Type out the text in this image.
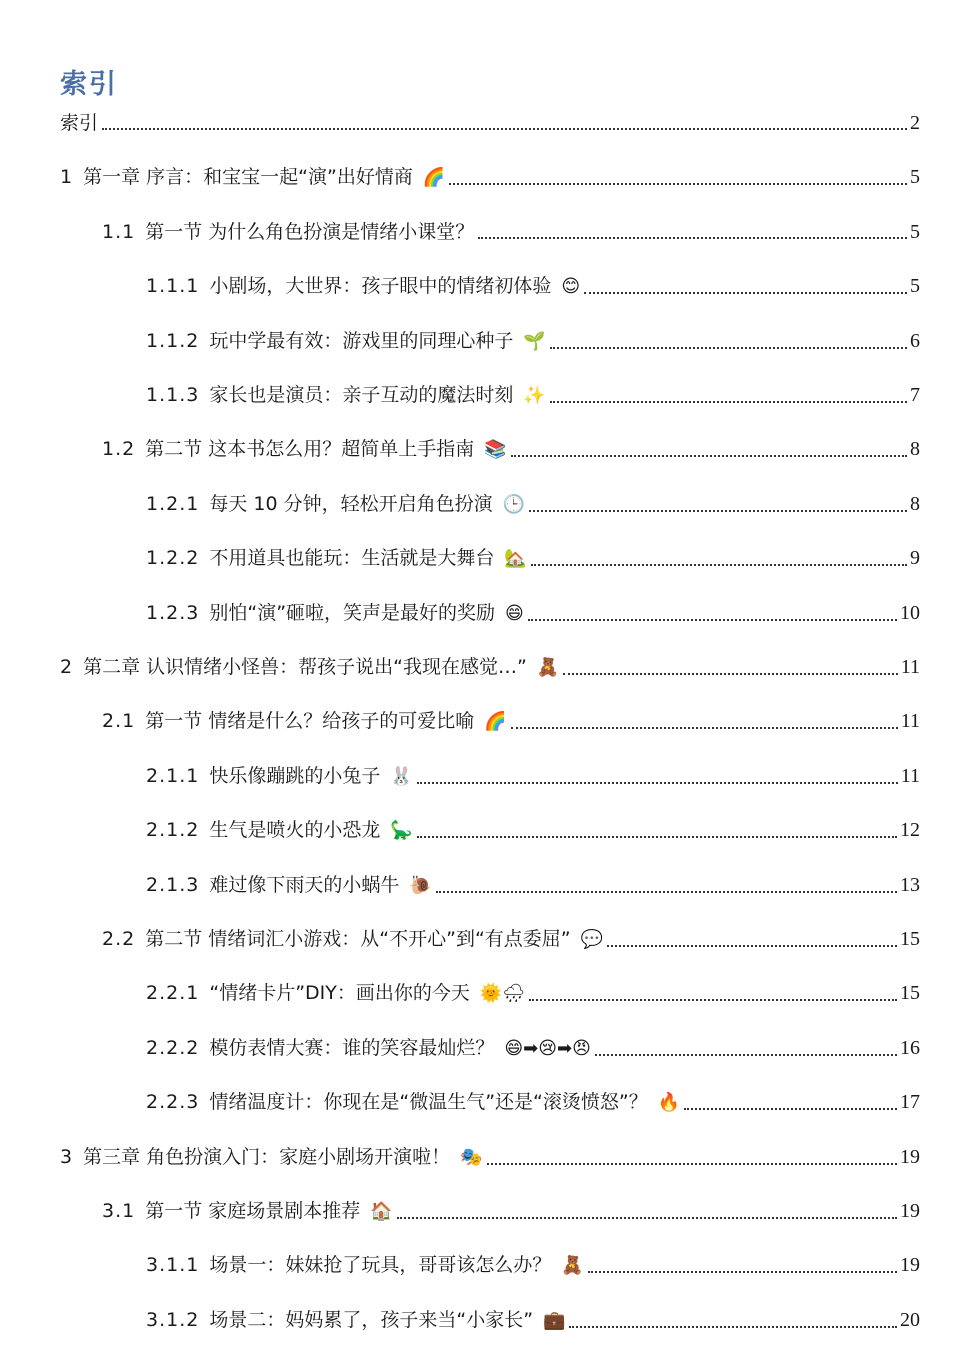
索引
索引	2
1 第一章 序言：和宝宝一起“演”出好情商 🌈	5
1.1 第一节 为什么角色扮演是情绪小课堂？	5
1.1.1 小剧场，大世界：孩子眼中的情绪初体验 😊	5
1.1.2 玩中学最有效：游戏里的同理心种子 🌱	6
1.1.3 家长也是演员：亲子互动的魔法时刻 ✨	7
1.2 第二节 这本书怎么用？超简单上手指南 📚	8
1.2.1 每天 10 分钟，轻松开启角色扮演 🕒	8
1.2.2 不用道具也能玩：生活就是大舞台 🏡	9
1.2.3 别怕“演”砸啦，笑声是最好的奖励 😄	10
2 第二章 认识情绪小怪兽：帮孩子说出“我现在感觉…” 🧸	11
2.1 第一节 情绪是什么？给孩子的可爱比喻 🌈	11
2.1.1 快乐像蹦跳的小兔子 🐰	11
2.1.2 生气是喷火的小恐龙 🦕	12
2.1.3 难过像下雨天的小蜗牛 🐌	13
2.2 第二节 情绪词汇小游戏：从“不开心”到“有点委屈” 💬	15
2.2.1 “情绪卡片”DIY：画出你的今天 🌞🌧	15
2.2.2 模仿表情大赛：谁的笑容最灿烂？ 😄➡😢➡😠	16
2.2.3 情绪温度计：你现在是“微温生气”还是“滚烫愤怒”？ 🔥	17
3 第三章 角色扮演入门：家庭小剧场开演啦！ 🎭	19
3.1 第一节 家庭场景剧本推荐 🏠	19
3.1.1 场景一：妹妹抢了玩具，哥哥该怎么办？ 🧸	19
3.1.2 场景二：妈妈累了，孩子来当“小家长” 💼	20
